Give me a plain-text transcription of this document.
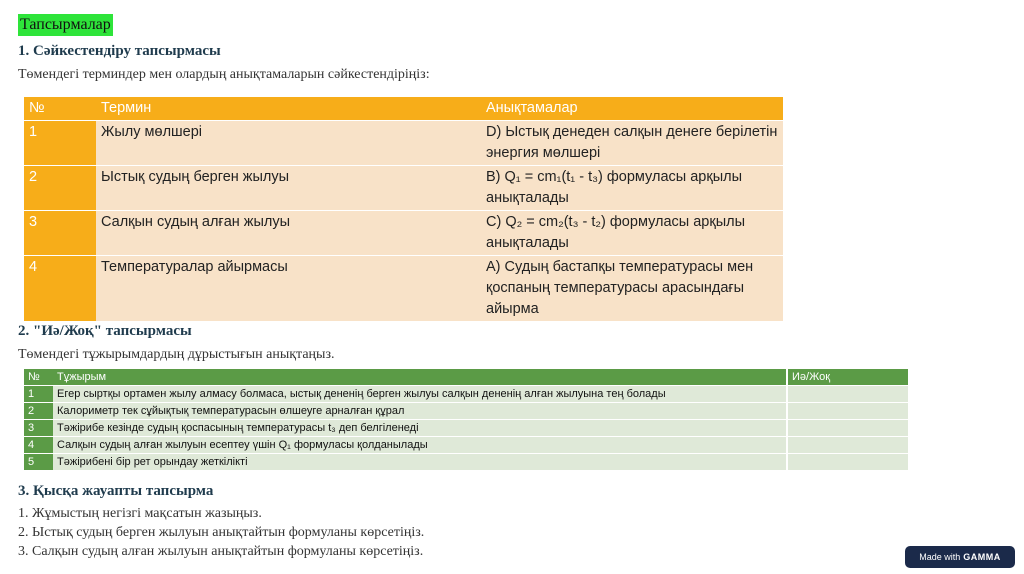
Тапсырмалар
1. Сәйкестендіру тапсырмасы
Төмендегі терминдер мен олардың анықтамаларын сәйкестендіріңіз:
№	Термин	Анықтамалар
1	Жылу мөлшері	D) Ыстық денеден салқын денеге берілетін энергия мөлшері
2	Ыстық судың берген жылуы	B) Q₁ = cm₁(t₁ - t₃) формуласы арқылы анықталады
3	Салқын судың алған жылуы	C) Q₂ = cm₂(t₃ - t₂) формуласы арқылы анықталады
4	Температуралар айырмасы	A) Судың бастапқы температурасы мен қоспаның температурасы арасындағы айырма
2. "Иә/Жоқ" тапсырмасы
Төмендегі тұжырымдардың дұрыстығын анықтаңыз.
№	Тұжырым	Иә/Жоқ
1	Егер сыртқы ортамен жылу алмасу болмаса, ыстық дененің берген жылуы салқын дененің алған жылуына тең болады	
2	Калориметр тек сұйықтық температурасын өлшеуге арналған құрал	
3	Тәжірибе кезінде судың қоспасының температурасы t₃ деп белгіленеді	
4	Салқын судың алған жылуын есептеу үшін Q₁ формуласы қолданылады	
5	Тәжірибені бір рет орындау жеткілікті	
3. Қысқа жауапты тапсырма
1. Жұмыстың негізгі мақсатын жазыңыз.
2. Ыстық судың берген жылуын анықтайтын формуланы көрсетіңіз.
3. Салқын судың алған жылуын анықтайтын формуланы көрсетіңіз.	Made with GAMMA
